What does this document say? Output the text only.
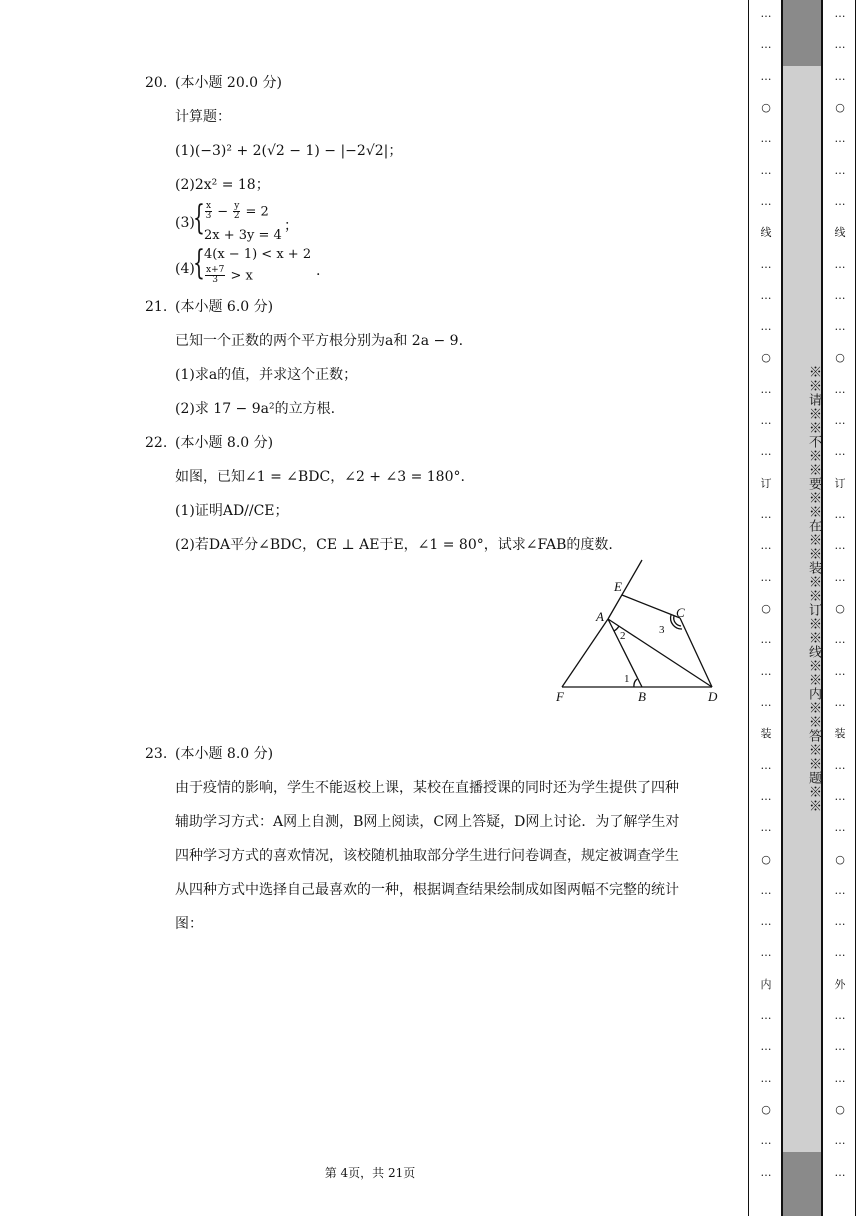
20. (本小题 20.0 分)
计算题：
(1)(−3)² + 2(√2 − 1) − |−2√2|；
(2)2x² = 18；
(3)
{ $\frac{x}{3} - \frac{y}{2} = 2$
2x + 3y = 4
；
(4)
{ 4(x − 1) < x + 2
$\frac{x+7}{3} > x$	.
21. (本小题 6.0 分)
已知一个正数的两个平方根分别为a和 2a − 9.
(1)求a的值，并求这个正数；
(2)求 17 − 9a²的立方根.
22. (本小题 8.0 分)
如图，已知∠1 = ∠BDC，∠2 + ∠3 = 180°.
(1)证明AD//CE；
(2)若DA平分∠BDC，CE ⊥ AE于E，∠1 = 80°，试求∠FAB的度数.
E
A	C
F	B	D
1
2	3
23. (本小题 8.0 分)
由于疫情的影响，学生不能返校上课，某校在直播授课的同时还为学生提供了四种
辅助学习方式：A网上自测，B网上阅读，C网上答疑，D网上讨论．为了解学生对
四种学习方式的喜欢情况，该校随机抽取部分学生进行问卷调查，规定被调查学生
从四种方式中选择自己最喜欢的一种，根据调查结果绘制成如图两幅不完整的统计
图：
第 4页，共 21页
…
…
…
○
…
…
…
线
…
…
…
○
…
…
…
订
…
…
…
○
…
…
…
装
…
…
…
○
…
…
…
内
…
…
…
○
…
…
※※请※※不※※要※※在※※装※※订※※线※※内※※答※※题※※
…
…
…
○
…
…
…
线
…
…
…
○
…
…
…
订
…
…
…
○
…
…
…
装
…
…
…
○
…
…
…
外
…
…
…
○
…
…
